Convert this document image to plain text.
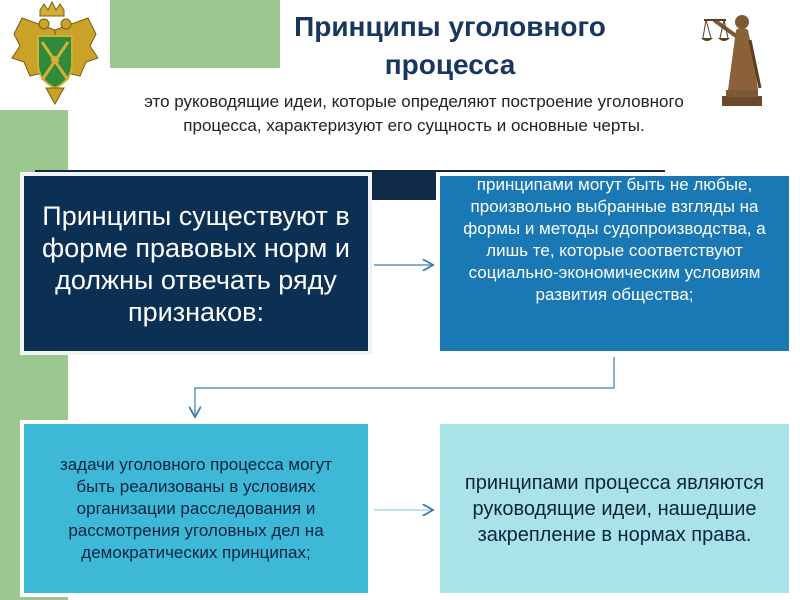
Принципы уголовного процесса
это руководящие идеи, которые определяют построение уголовного процесса, характеризуют его сущность и основные черты.
Принципы существуют в форме правовых норм и должны отвечать ряду признаков:
принципами могут быть не любые, произвольно выбранные взгляды на формы и методы судопроизводства, а лишь те, которые соответствуют социально-экономическим условиям развития общества;
задачи уголовного процесса могут быть реализованы в условиях организации расследования и рассмотрения уголовных дел на демократических принципах;
принципами процесса являются руководящие идеи, нашедшие закрепление в нормах права.
